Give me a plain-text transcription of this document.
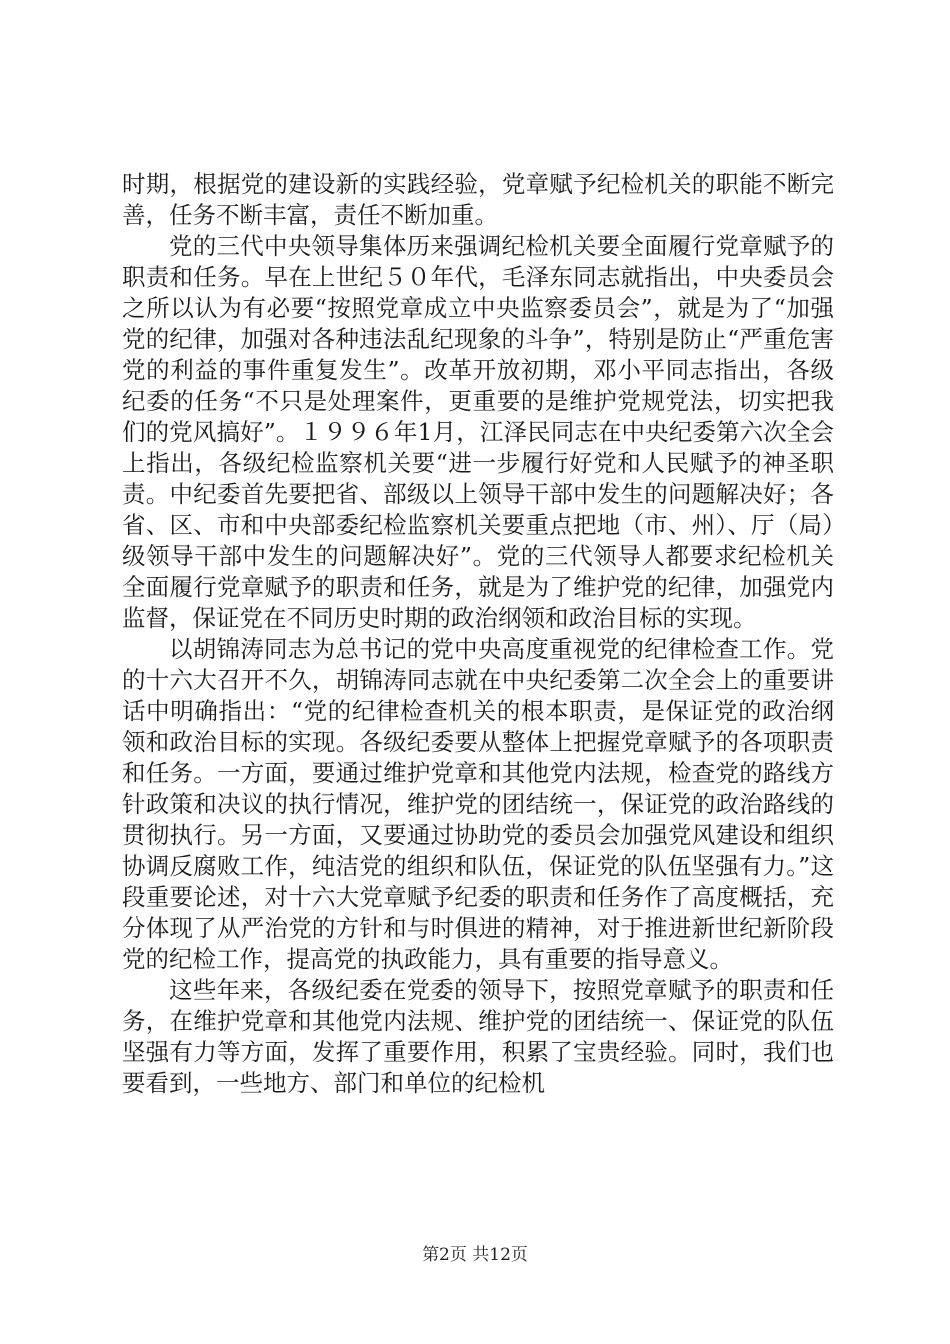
时期，根据党的建设新的实践经验，党章赋予纪检机关的职能不断完善，任务不断丰富，责任不断加重。

党的三代中央领导集体历来强调纪检机关要全面履行党章赋予的职责和任务。早在上世纪５０年代，毛泽东同志就指出，中央委员会之所以认为有必要“按照党章成立中央监察委员会”，就是为了“加强党的纪律，加强对各种违法乱纪现象的斗争”，特别是防止“严重危害党的利益的事件重复发生”。改革开放初期，邓小平同志指出，各级纪委的任务“不只是处理案件，更重要的是维护党规党法，切实把我们的党风搞好”。１９９６年1月，江泽民同志在中央纪委第六次全会上指出，各级纪检监察机关要“进一步履行好党和人民赋予的神圣职责。中纪委首先要把省、部级以上领导干部中发生的问题解决好；各省、区、市和中央部委纪检监察机关要重点把地（市、州）、厅（局）级领导干部中发生的问题解决好”。党的三代领导人都要求纪检机关全面履行党章赋予的职责和任务，就是为了维护党的纪律，加强党内监督，保证党在不同历史时期的政治纲领和政治目标的实现。

以胡锦涛同志为总书记的党中央高度重视党的纪律检查工作。党的十六大召开不久，胡锦涛同志就在中央纪委第二次全会上的重要讲话中明确指出：“党的纪律检查机关的根本职责，是保证党的政治纲领和政治目标的实现。各级纪委要从整体上把握党章赋予的各项职责和任务。一方面，要通过维护党章和其他党内法规，检查党的路线方针政策和决议的执行情况，维护党的团结统一，保证党的政治路线的贯彻执行。另一方面，又要通过协助党的委员会加强党风建设和组织协调反腐败工作，纯洁党的组织和队伍，保证党的队伍坚强有力。”这段重要论述，对十六大党章赋予纪委的职责和任务作了高度概括，充分体现了从严治党的方针和与时俱进的精神，对于推进新世纪新阶段党的纪检工作，提高党的执政能力，具有重要的指导意义。

这些年来，各级纪委在党委的领导下，按照党章赋予的职责和任务，在维护党章和其他党内法规、维护党的团结统一、保证党的队伍坚强有力等方面，发挥了重要作用，积累了宝贵经验。同时，我们也要看到，一些地方、部门和单位的纪检机

第2页 共12页
